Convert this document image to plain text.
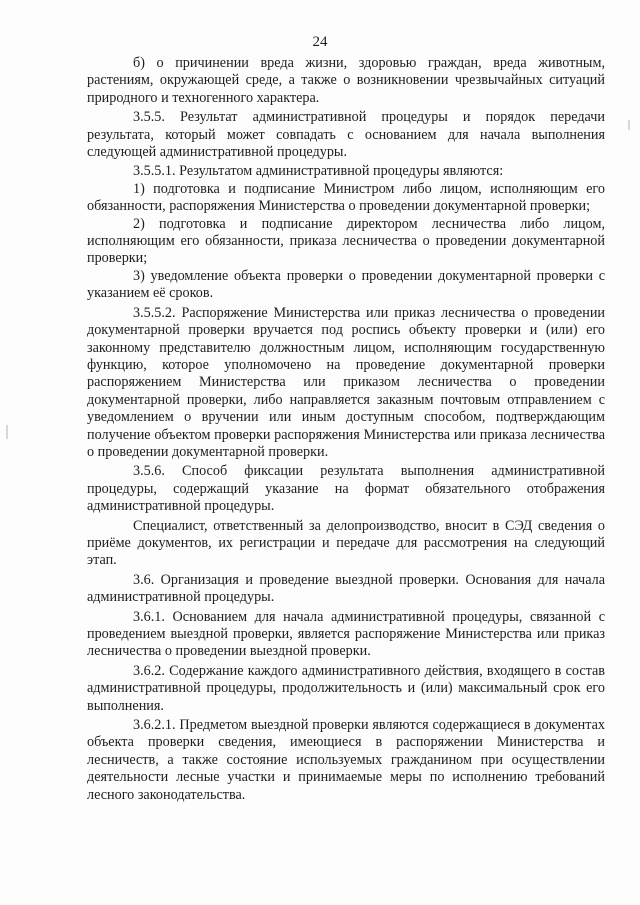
24

б) о причинении вреда жизни, здоровью граждан, вреда животным, растениям, окружающей среде, а также о возникновении чрезвычайных ситуаций природного и техногенного характера.

3.5.5. Результат административной процедуры и порядок передачи результата, который может совпадать с основанием для начала выполнения следующей административной процедуры.

3.5.5.1. Результатом административной процедуры являются:

1) подготовка и подписание Министром либо лицом, исполняющим его обязанности, распоряжения Министерства о проведении документарной проверки;

2) подготовка и подписание директором лесничества либо лицом, исполняющим его обязанности, приказа лесничества о проведении документарной проверки;

3) уведомление объекта проверки о проведении документарной проверки с указанием её сроков.

3.5.5.2. Распоряжение Министерства или приказ лесничества о проведении документарной проверки вручается под роспись объекту проверки и (или) его законному представителю должностным лицом, исполняющим государственную функцию, которое уполномочено на проведение документарной проверки распоряжением Министерства или приказом лесничества о проведении документарной проверки, либо направляется заказным почтовым отправлением с уведомлением о вручении или иным доступным способом, подтверждающим получение объектом проверки распоряжения Министерства или приказа лесничества о проведении документарной проверки.

3.5.6. Способ фиксации результата выполнения административной процедуры, содержащий указание на формат обязательного отображения административной процедуры.

Специалист, ответственный за делопроизводство, вносит в СЭД сведения о приёме документов, их регистрации и передаче для рассмотрения на следующий этап.

3.6. Организация и проведение выездной проверки. Основания для начала административной процедуры.

3.6.1. Основанием для начала административной процедуры, связанной с проведением выездной проверки, является распоряжение Министерства или приказ лесничества о проведении выездной проверки.

3.6.2. Содержание каждого административного действия, входящего в состав административной процедуры, продолжительность и (или) максимальный срок его выполнения.

3.6.2.1. Предметом выездной проверки являются содержащиеся в документах объекта проверки сведения, имеющиеся в распоряжении Министерства и лесничеств, а также состояние используемых гражданином при осуществлении деятельности лесные участки и принимаемые меры по исполнению требований лесного законодательства.
